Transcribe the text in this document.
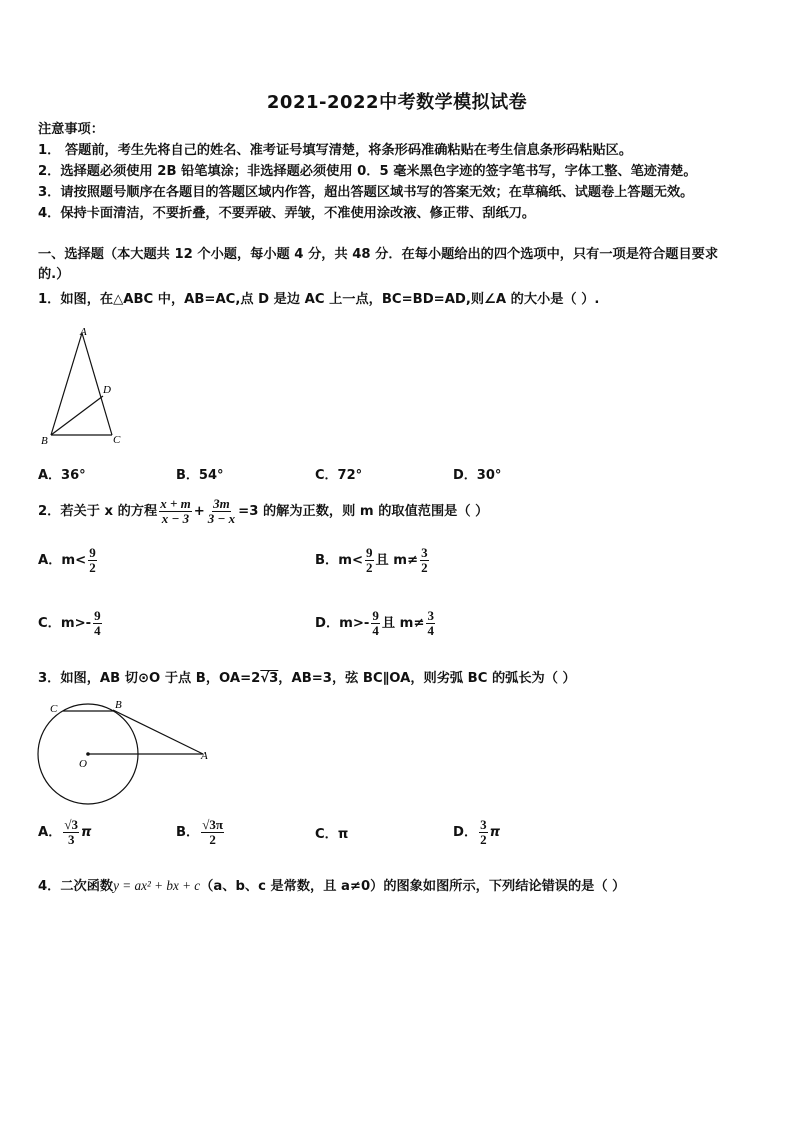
2021-2022中考数学模拟试卷
注意事项：
1． 答题前，考生先将自己的姓名、准考证号填写清楚，将条形码准确粘贴在考生信息条形码粘贴区。
2．选择题必须使用 2B 铅笔填涂；非选择题必须使用 0．5 毫米黑色字迹的签字笔书写，字体工整、笔迹清楚。
3．请按照题号顺序在各题目的答题区域内作答，超出答题区域书写的答案无效；在草稿纸、试题卷上答题无效。
4．保持卡面清洁，不要折叠，不要弄破、弄皱，不准使用涂改液、修正带、刮纸刀。
一、选择题（本大题共 12 个小题，每小题 4 分，共 48 分．在每小题给出的四个选项中，只有一项是符合题目要求
的.）
1．如图，在△ABC 中，AB=AC,点 D 是边 AC 上一点，BC=BD=AD,则∠A 的大小是（ ）.
A
D
B	C
A．36°	B．54°	C．72°	D．30°
2．若关于 x 的方程 $\frac{x + m}{x - 3} + \frac{3m}{3 - x} =3$ 的解为正数，则 m 的取值范围是（ ）
A．$m< \frac{9}{2}$	B．$m< \frac{9}{2}$ 且 $m\ne \frac{3}{2}$
C．$m>- \frac{9}{4}$	D．$m>- \frac{9}{4}$ 且 $m\ne \frac{3}{4}$
3．如图，AB 切⊙O 于点 B，OA=2√3，AB=3，弦 BC∥OA，则劣弧 BC 的弧长为（ ）
C	B
O
A
A． $\frac{√3}{3}$ π	B． $\frac{√3\pi}{2}$	C．π	D． $\frac{3}{2}$ π
4．二次函数y = ax² + bx + c（a、b、c 是常数，且 a≠0）的图象如图所示，下列结论错误的是（ ）
